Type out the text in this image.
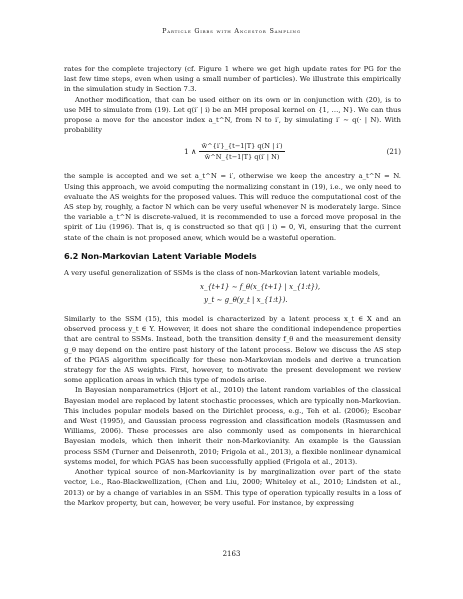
Particle Gibbs with Ancestor Sampling

rates for the complete trajectory (cf. Figure 1 where we get high update rates for PG for the last few time steps, even when using a small number of particles). We illustrate this empirically in the simulation study in Section 7.3.

Another modification, that can be used either on its own or in conjunction with (20), is to use MH to simulate from (19). Let q(i′ | i) be an MH proposal kernel on {1, …, N}. We can thus propose a move for the ancestor index a_t^N, from N to i′, by simulating i′ ∼ q(· | N). With probability

1 ∧ $\frac{w̃\^{}\{i'\}\_\{t-1|T\} q(N | i')}{w̃\^{}N\_\{t-1|T\} q(i' | N)}$	(21)

the sample is accepted and we set a_t^N = i′, otherwise we keep the ancestry a_t^N = N. Using this approach, we avoid computing the normalizing constant in (19), i.e., we only need to evaluate the AS weights for the proposed values. This will reduce the computational cost of the AS step by, roughly, a factor N which can be very useful whenever N is moderately large. Since the variable a_t^N is discrete-valued, it is recommended to use a forced move proposal in the spirit of Liu (1996). That is, q is constructed so that q(i | i) = 0, ∀i, ensuring that the current state of the chain is not proposed anew, which would be a wasteful operation.

6.2 Non-Markovian Latent Variable Models

A very useful generalization of SSMs is the class of non-Markovian latent variable models,

x_{t+1} ∼ f_θ(x_{t+1} | x_{1:t}),
y_t ∼ g_θ(y_t | x_{1:t}).

Similarly to the SSM (15), this model is characterized by a latent process x_t ∈ X and an observed process y_t ∈ Y. However, it does not share the conditional independence properties that are central to SSMs. Instead, both the transition density f_θ and the measurement density g_θ may depend on the entire past history of the latent process. Below we discuss the AS step of the PGAS algorithm specifically for these non-Markovian models and derive a truncation strategy for the AS weights. First, however, to motivate the present development we review some application areas in which this type of models arise.

In Bayesian nonparametrics (Hjort et al., 2010) the latent random variables of the classical Bayesian model are replaced by latent stochastic processes, which are typically non-Markovian. This includes popular models based on the Dirichlet process, e.g., Teh et al. (2006); Escobar and West (1995), and Gaussian process regression and classification models (Rasmussen and Williams, 2006). These processes are also commonly used as components in hierarchical Bayesian models, which then inherit their non-Markovianity. An example is the Gaussian process SSM (Turner and Deisenroth, 2010; Frigola et al., 2013), a flexible nonlinear dynamical systems model, for which PGAS has been successfully applied (Frigola et al., 2013).

Another typical source of non-Markovianity is by marginalization over part of the state vector, i.e., Rao-Blackwellization, (Chen and Liu, 2000; Whiteley et al., 2010; Lindsten et al., 2013) or by a change of variables in an SSM. This type of operation typically results in a loss of the Markov property, but can, however, be very useful. For instance, by expressing

2163
